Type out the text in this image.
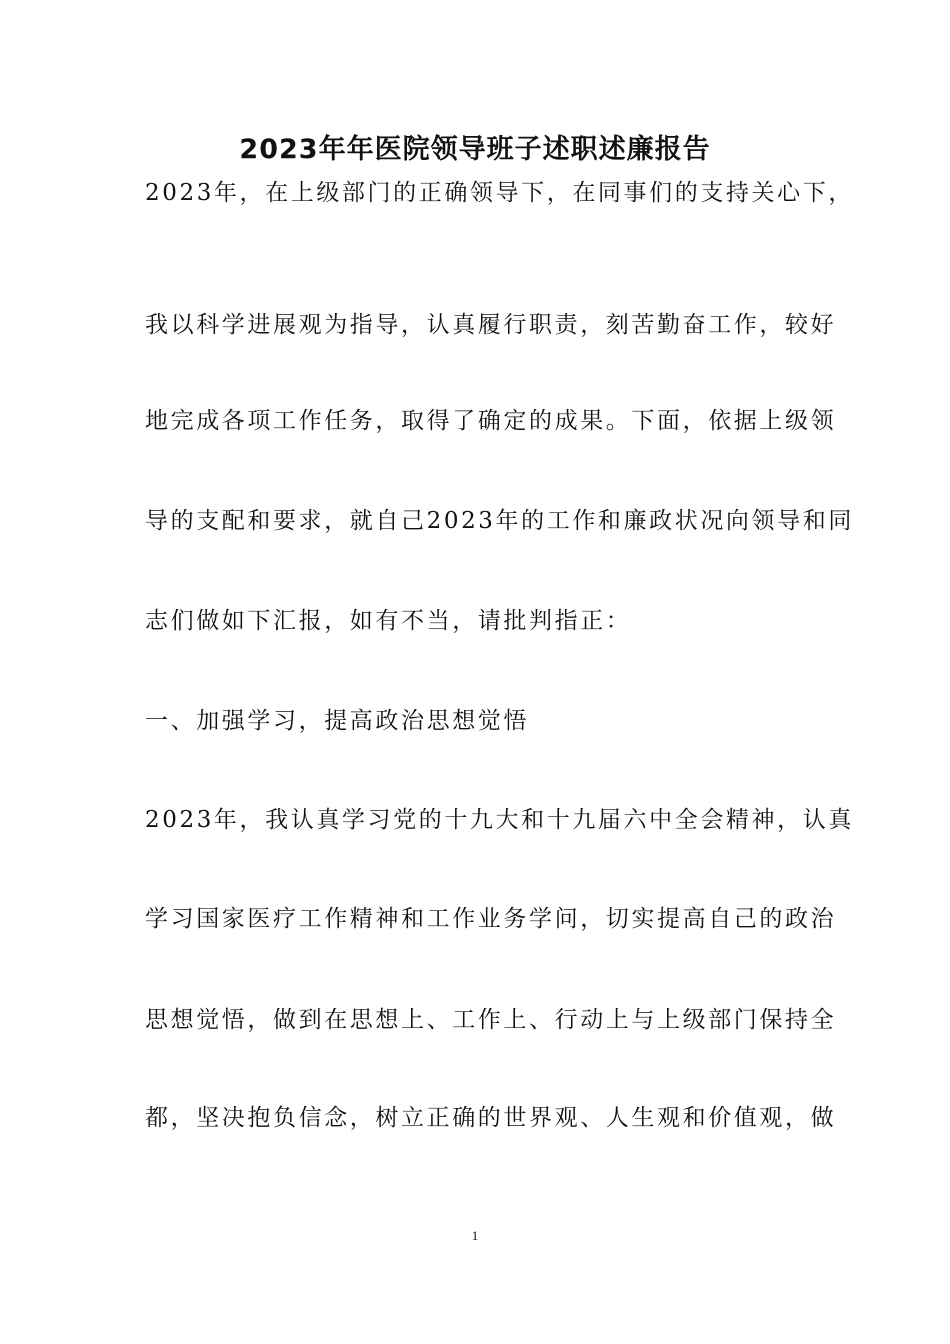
2023年年医院领导班子述职述廉报告
2023年，在上级部门的正确领导下，在同事们的支持关心下，
我以科学进展观为指导，认真履行职责，刻苦勤奋工作，较好
地完成各项工作任务，取得了确定的成果。下面，依据上级领
导的支配和要求，就自己2023年的工作和廉政状况向领导和同
志们做如下汇报，如有不当，请批判指正：
一、加强学习，提高政治思想觉悟
2023年，我认真学习党的十九大和十九届六中全会精神，认真
学习国家医疗工作精神和工作业务学问，切实提高自己的政治
思想觉悟，做到在思想上、工作上、行动上与上级部门保持全
都，坚决抱负信念，树立正确的世界观、人生观和价值观，做
1
